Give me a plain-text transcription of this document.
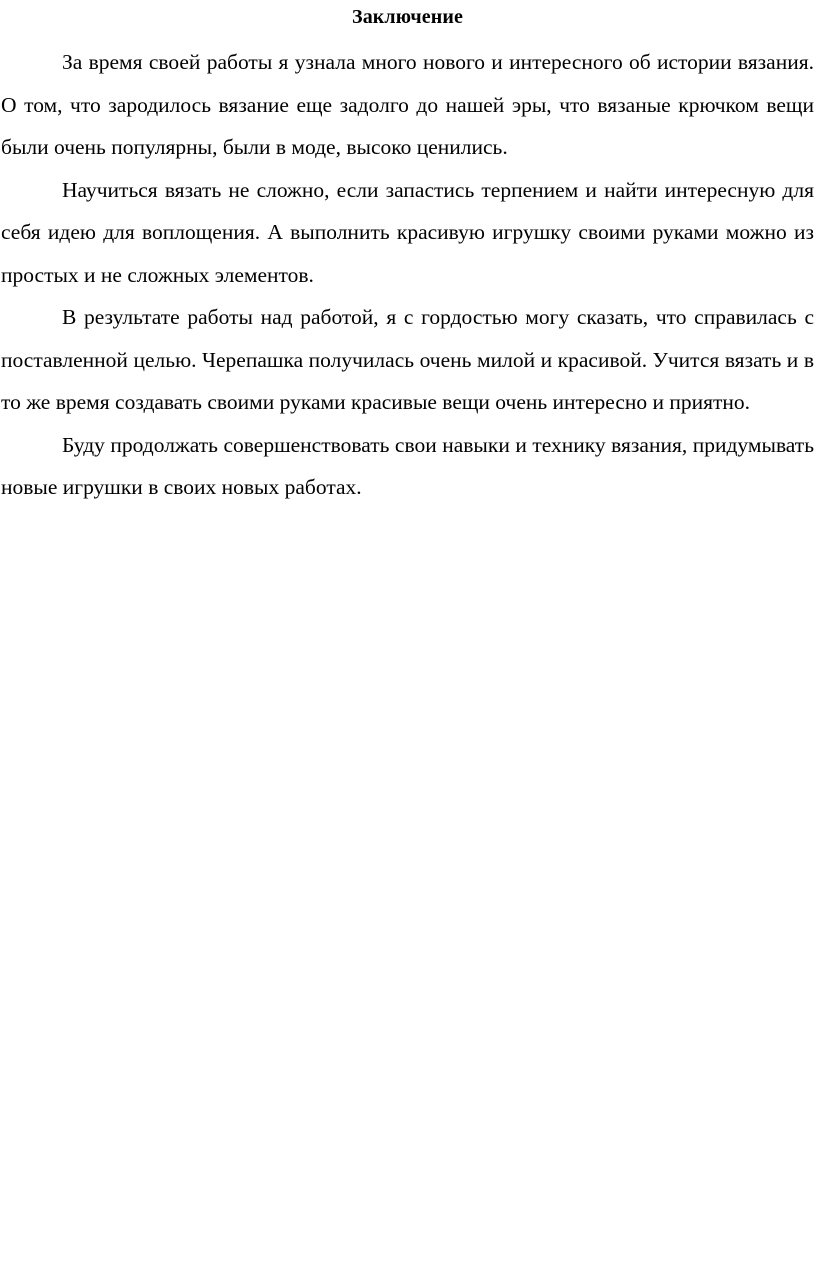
Заключение

За время своей работы я узнала много нового и интересного об истории вязания. О том, что зародилось вязание еще задолго до нашей эры, что вязаные крючком вещи были очень популярны, были в моде, высоко ценились.

Научиться вязать не сложно, если запастись терпением и найти интересную для себя идею для воплощения. А выполнить красивую игрушку своими руками можно из простых и не сложных элементов.

В результате работы над работой, я с гордостью могу сказать, что справилась с поставленной целью. Черепашка получилась очень милой и красивой. Учится вязать и в то же время создавать своими руками красивые вещи очень интересно и приятно.

Буду продолжать совершенствовать свои навыки и технику вязания, придумывать новые игрушки в своих новых работах.
